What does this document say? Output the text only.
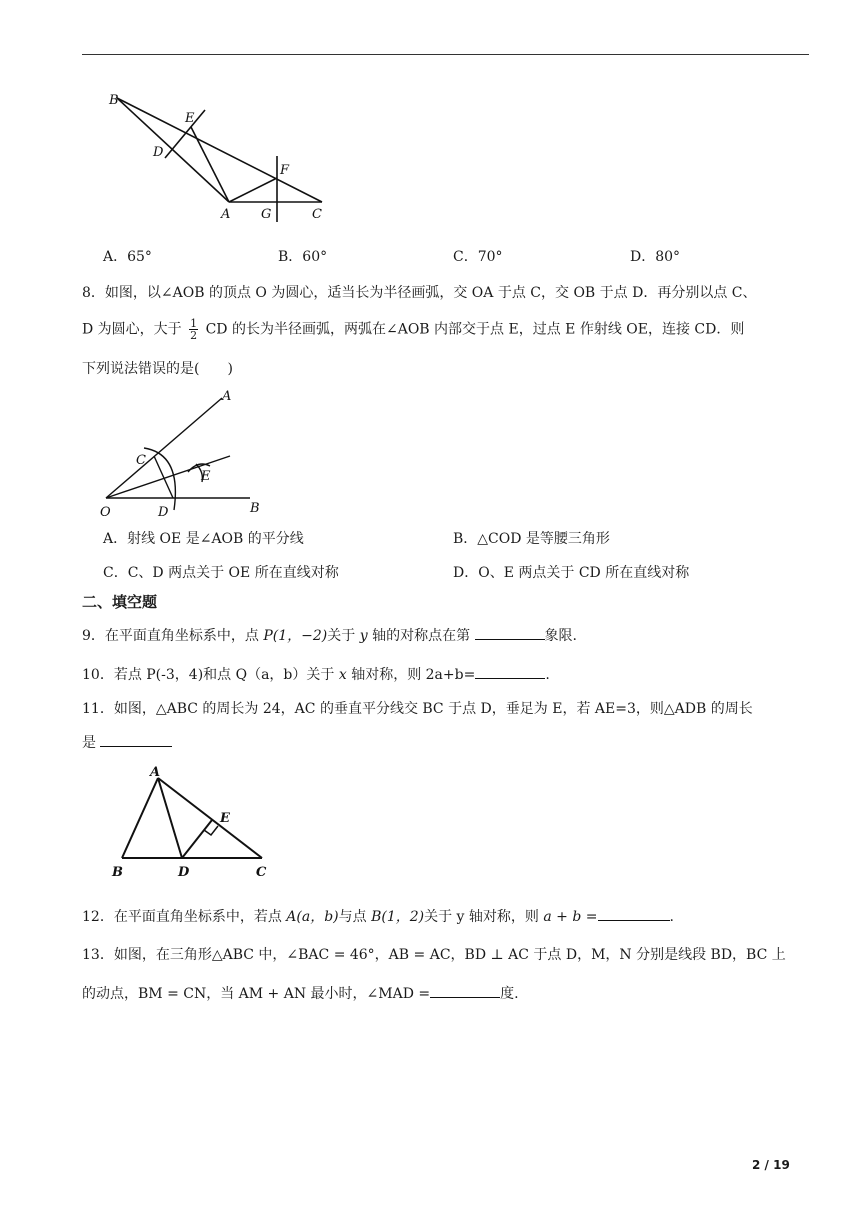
B
E
D
F
A G	C
A．65°	B．60°	C．70°	D．80°
8．如图，以∠AOB 的顶点 O 为圆心，适当长为半径画弧，交 OA 于点 C，交 OB 于点 D．再分别以点 C、
D 为圆心，大于 $\frac{1}{2}$ CD 的长为半径画弧，两弧在∠AOB 内部交于点 E，过点 E 作射线 OE，连接 CD．则
下列说法错误的是(　　)
A
C
E
O	D	B
A．射线 OE 是∠AOB 的平分线	B．△COD 是等腰三角形
C．C、D 两点关于 OE 所在直线对称	D．O、E 两点关于 CD 所在直线对称
二、填空题
9．在平面直角坐标系中，点 P(1，−2)关于 y 轴的对称点在第	象限.
10．若点 P(-3，4)和点 Q（a，b）关于 x 轴对称，则 2a+b=	.
11．如图，△ABC 的周长为 24，AC 的垂直平分线交 BC 于点 D，垂足为 E，若 AE=3，则△ADB 的周长
是
A
E
B	D	C
12．在平面直角坐标系中，若点 A(a，b)与点 B(1，2)关于 y 轴对称，则 a + b =	.
13．如图，在三角形△ABC 中，∠BAC = 46°，AB = AC，BD ⊥ AC 于点 D，M，N 分别是线段 BD，BC 上
的动点，BM = CN，当 AM + AN 最小时，∠MAD =	度.
2 / 19
